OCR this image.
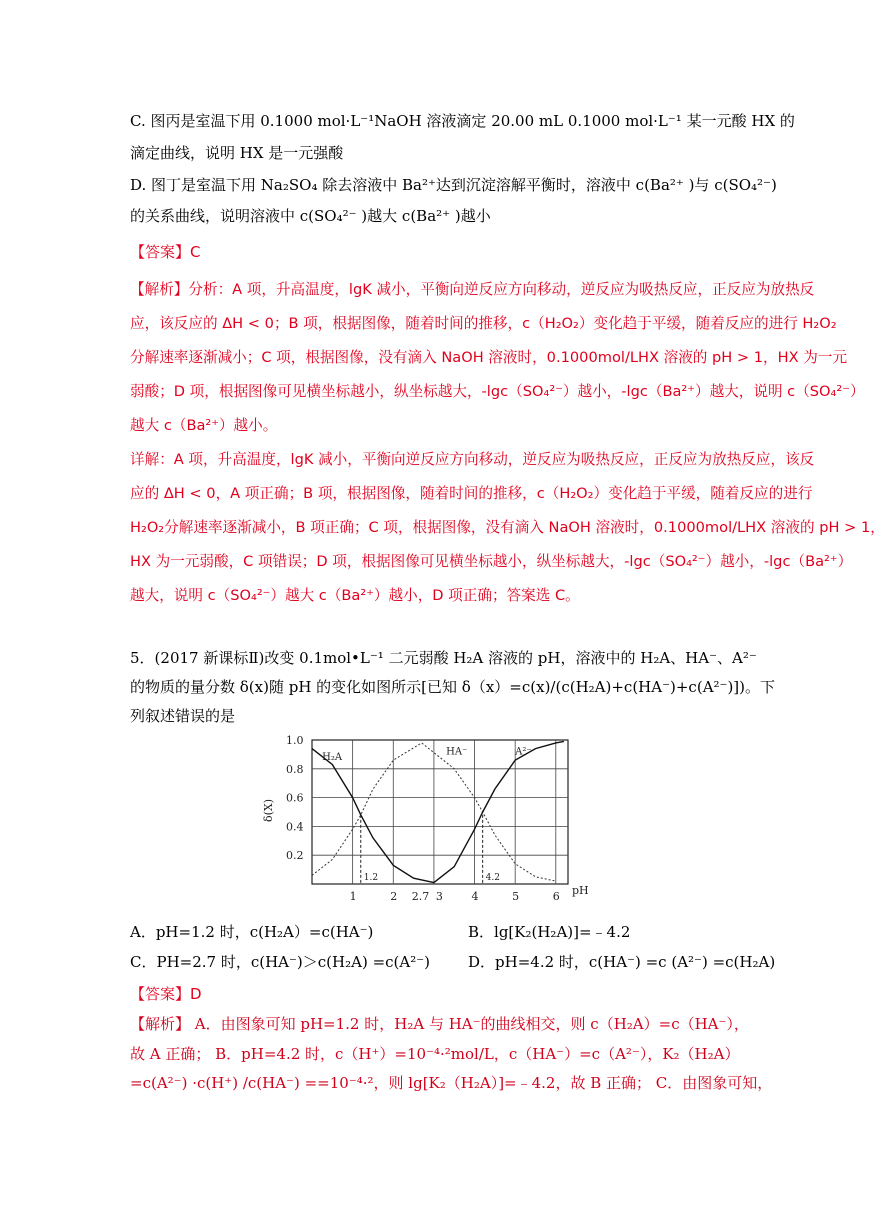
C. 图丙是室温下用 0.1000 mol·L⁻¹NaOH 溶液滴定 20.00 mL 0.1000 mol·L⁻¹ 某一元酸 HX 的
滴定曲线，说明 HX 是一元强酸
D. 图丁是室温下用 Na₂SO₄ 除去溶液中 Ba²⁺达到沉淀溶解平衡时，溶液中 c(Ba²⁺ )与 c(SO₄²⁻)
的关系曲线，说明溶液中 c(SO₄²⁻ )越大 c(Ba²⁺ )越小
【答案】C
【解析】分析：A 项，升高温度，lgK 减小，平衡向逆反应方向移动，逆反应为吸热反应，正反应为放热反
应，该反应的 ΔH < 0；B 项，根据图像，随着时间的推移，c（H₂O₂）变化趋于平缓，随着反应的进行 H₂O₂
分解速率逐渐减小；C 项，根据图像，没有滴入 NaOH 溶液时，0.1000mol/LHX 溶液的 pH > 1，HX 为一元
弱酸；D 项，根据图像可见横坐标越小，纵坐标越大，-lgc（SO₄²⁻）越小，-lgc（Ba²⁺）越大，说明 c（SO₄²⁻）
越大 c（Ba²⁺）越小。
详解：A 项，升高温度，lgK 减小，平衡向逆反应方向移动，逆反应为吸热反应，正反应为放热反应，该反
应的 ΔH < 0，A 项正确；B 项，根据图像，随着时间的推移，c（H₂O₂）变化趋于平缓，随着反应的进行
H₂O₂分解速率逐渐减小，B 项正确；C 项，根据图像，没有滴入 NaOH 溶液时，0.1000mol/LHX 溶液的 pH > 1，
HX 为一元弱酸，C 项错误；D 项，根据图像可见横坐标越小，纵坐标越大，-lgc（SO₄²⁻）越小，-lgc（Ba²⁺）
越大，说明 c（SO₄²⁻）越大 c（Ba²⁺）越小，D 项正确；答案选 C。
5．(2017 新课标Ⅱ)改变 0.1mol•L⁻¹ 二元弱酸 H₂A 溶液的 pH，溶液中的 H₂A、HA⁻、A²⁻
的物质的量分数 δ(x)随 pH 的变化如图所示[已知 δ（x）=c(x)/(c(H₂A)+c(HA⁻)+c(A²⁻)])。下
列叙述错误的是
1.0
0.8
0.6
0.4
0.2
1	2 2.7 3	4	5	6 pH
δ(X)
1.2	4.2
H₂A
HA⁻	A²⁻
A．pH=1.2 时，c(H₂A）=c(HA⁻)	B．lg[K₂(H₂A)]=﹣4.2
C．PH=2.7 时，c(HA⁻)＞c(H₂A) =c(A²⁻)	D．pH=4.2 时，c(HA⁻) =c (A²⁻) =c(H₂A)
【答案】D
【解析】 A．由图象可知 pH=1.2 时，H₂A 与 HA⁻的曲线相交，则 c（H₂A）=c（HA⁻），
故 A 正确； B．pH=4.2 时，c（H⁺）=10⁻⁴·²mol/L，c（HA⁻）=c（A²⁻），K₂（H₂A）
=c(A²⁻) ·c(H⁺) /c(HA⁻) ==10⁻⁴·²，则 lg[K₂（H₂A）]=﹣4.2，故 B 正确； C．由图象可知，
